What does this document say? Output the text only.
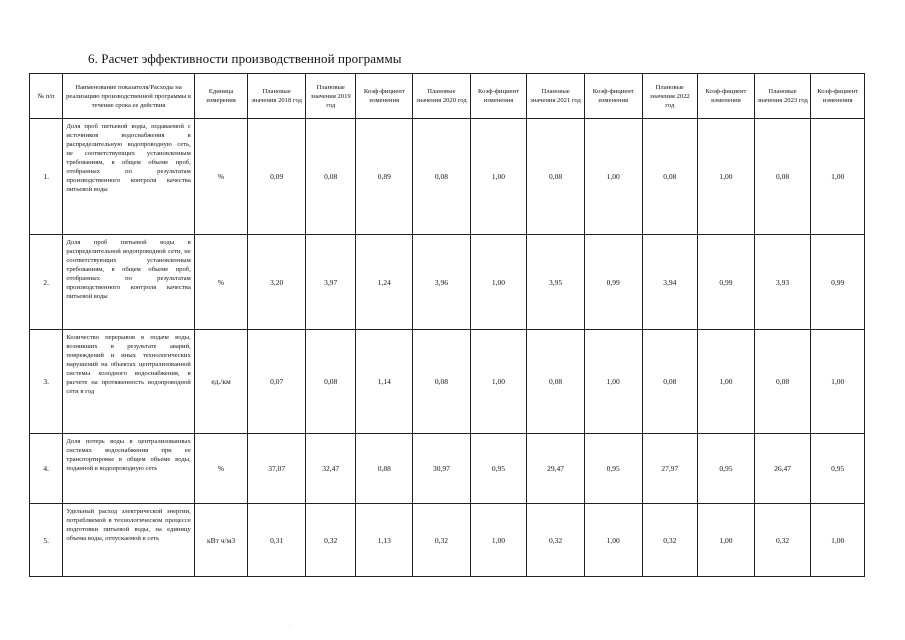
6. Расчет эффективности производственной программы
№ п/п	Наименование показателя/Расходы на реализацию производственной программы в течение срока ее действия	Единица измерения	Плановые значения 2018 год	Плановые значения 2019 год	Коэф-фициент изменения	Плановые значения 2020 год	Коэф-фициент изменения	Плановые значения 2021 год	Коэф-фициент изменения	Плановые значения 2022 год	Коэф-фициент изменения	Плановые значения 2023 год	Коэф-фициент изменения
1.	Доля проб питьевой воды, подаваемой с источников водоснабжения в распределительную водопроводную сеть, не соответствующих установленным требованиям, в общем объеме проб, отобранных по результатам производственного контроля качества питьевой воды	%	0,09	0,08	0,89	0,08	1,00	0,08	1,00	0,08	1,00	0,08	1,00
2.	Доля проб питьевой воды в распределительной водопроводной сети, не соответствующих установленным требованиям, в общем объеме проб, отобранных по результатам производственного контроля качества питьевой воды	%	3,20	3,97	1,24	3,96	1,00	3,95	0,99	3,94	0,99	3,93	0,99
3.	Количество перерывов в подаче воды, возникших в результате аварий, повреждений и иных технологических нарушений на объектах централизованной системы холодного водоснабжения, в расчете на протяженность водопроводной сети в год	ед./км	0,07	0,08	1,14	0,08	1,00	0,08	1,00	0,08	1,00	0,08	1,00
4.	Доля потерь воды в централизованных системах водоснабжения при ее транспортировке в общем объеме воды, поданной в водопроводную сеть	%	37,07	32,47	0,88	30,97	0,95	29,47	0,95	27,97	0,95	26,47	0,95
5.	Удельный расход электрической энергии, потребляемой в технологическом процессе подготовки питьевой воды, на единицу объема воды, отпускаемой в сеть	кВт ч/м3	0,31	0,32	1,13	0,32	1,00	0,32	1,00	0,32	1,00	0,32	1,00
.
